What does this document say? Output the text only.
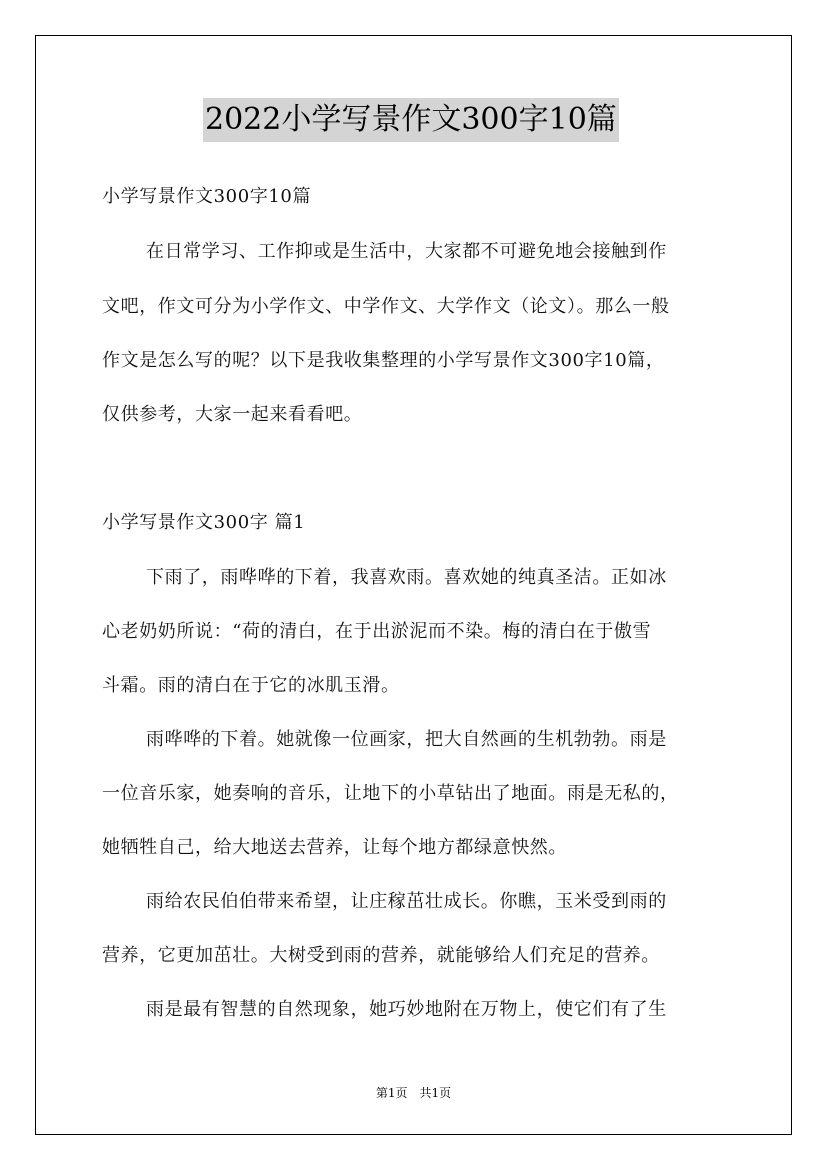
2022小学写景作文300字10篇
小学写景作文300字10篇
在日常学习、工作抑或是生活中，大家都不可避免地会接触到作
文吧，作文可分为小学作文、中学作文、大学作文（论文）。那么一般
作文是怎么写的呢？以下是我收集整理的小学写景作文300字10篇，
仅供参考，大家一起来看看吧。
小学写景作文300字 篇1
下雨了，雨哗哗的下着，我喜欢雨。喜欢她的纯真圣洁。正如冰
心老奶奶所说：“荷的清白，在于出淤泥而不染。梅的清白在于傲雪
斗霜。雨的清白在于它的冰肌玉滑。
雨哗哗的下着。她就像一位画家，把大自然画的生机勃勃。雨是
一位音乐家，她奏响的音乐，让地下的小草钻出了地面。雨是无私的，
她牺牲自己，给大地送去营养，让每个地方都绿意怏然。
雨给农民伯伯带来希望，让庄稼茁壮成长。你瞧，玉米受到雨的
营养，它更加茁壮。大树受到雨的营养，就能够给人们充足的营养。
雨是最有智慧的自然现象，她巧妙地附在万物上，使它们有了生
第1页　共1页
